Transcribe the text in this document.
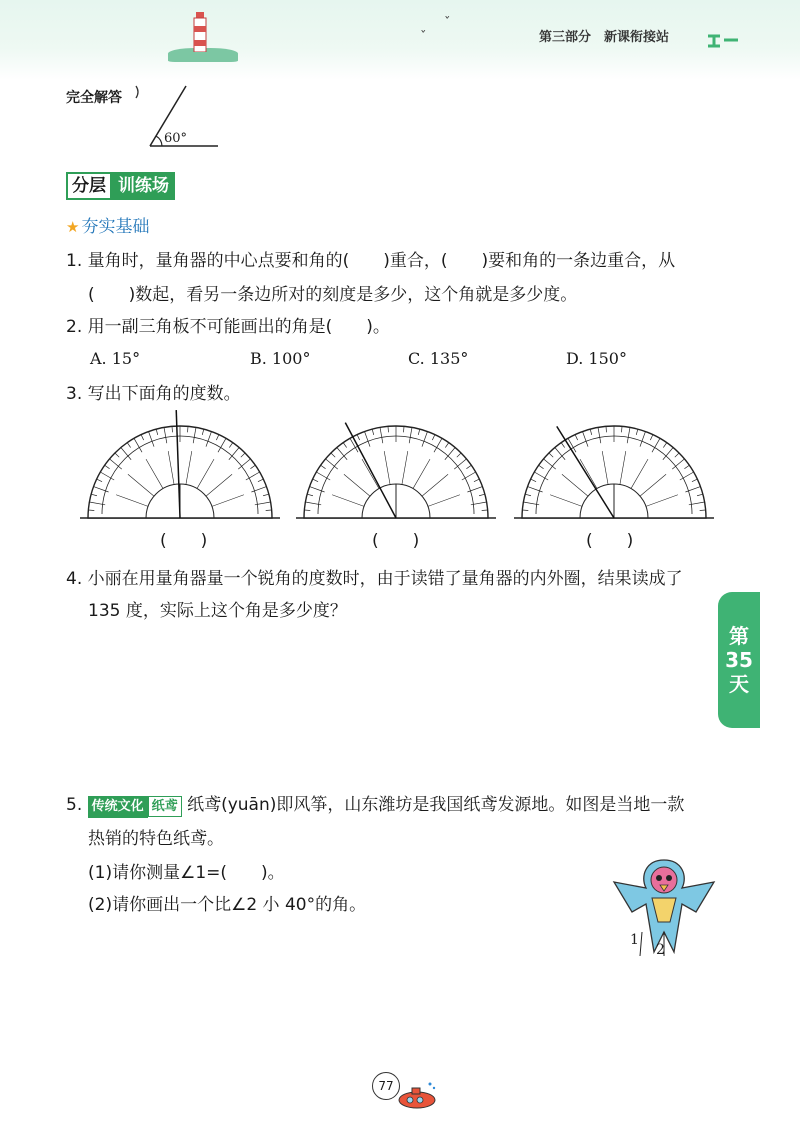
ˇ
ˇ
第三部分 新课衔接站
完全解答
60°
分层 训练场
★ 夯实基础
1. 量角时，量角器的中心点要和角的(　　)重合，(　　)要和角的一条边重合，从
(　　)数起，看另一条边所对的刻度是多少，这个角就是多少度。
2. 用一副三角板不可能画出的角是(　　)。
A. 15°	B. 100°	C. 135°	D. 150°
3. 写出下面角的度数。
(　　)	(　　)	(　　)
4. 小丽在用量角器量一个锐角的度数时，由于读错了量角器的内外圈，结果读成了
135 度，实际上这个角是多少度？
5. 传统文化 纸鸢 纸鸢(yuān)即风筝，山东潍坊是我国纸鸢发源地。如图是当地一款
热销的特色纸鸢。
(1)请你测量∠1=(　　)。
(2)请你画出一个比∠2 小 40°的角。
1
2
第
35
天
77
